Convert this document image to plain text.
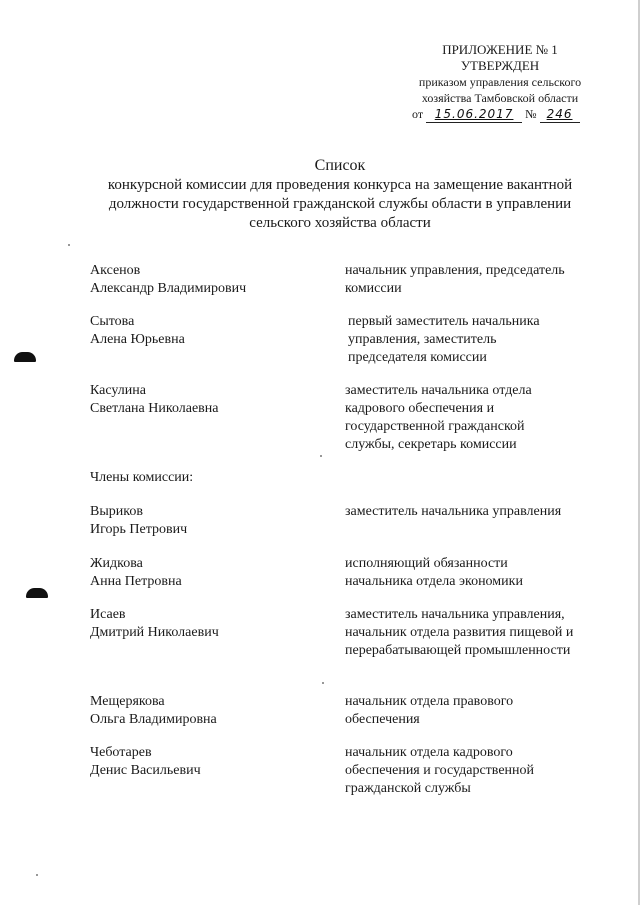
ПРИЛОЖЕНИЕ № 1
УТВЕРЖДЕН
приказом управления сельского
хозяйства Тамбовской области
от 15.06.2017 № 246
Список
конкурсной комиссии для проведения конкурса на замещение вакантной
должности государственной гражданской службы области в управлении
сельского хозяйства области
Аксенов
Александр Владимирович
начальник управления, председатель комиссии
Сытова
Алена Юрьевна
первый заместитель начальника управления, заместитель председателя комиссии
Касулина
Светлана Николаевна
заместитель начальника отдела кадрового обеспечения и государственной гражданской службы, секретарь комиссии
Члены комиссии:
Выриков
Игорь Петрович
заместитель начальника управления
Жидкова
Анна Петровна
исполняющий обязанности начальника отдела экономики
Исаев
Дмитрий Николаевич
заместитель начальника управления, начальник отдела развития пищевой и перерабатывающей промышленности
Мещерякова
Ольга Владимировна
начальник отдела правового обеспечения
Чеботарев
Денис Васильевич
начальник отдела кадрового обеспечения и государственной гражданской службы
